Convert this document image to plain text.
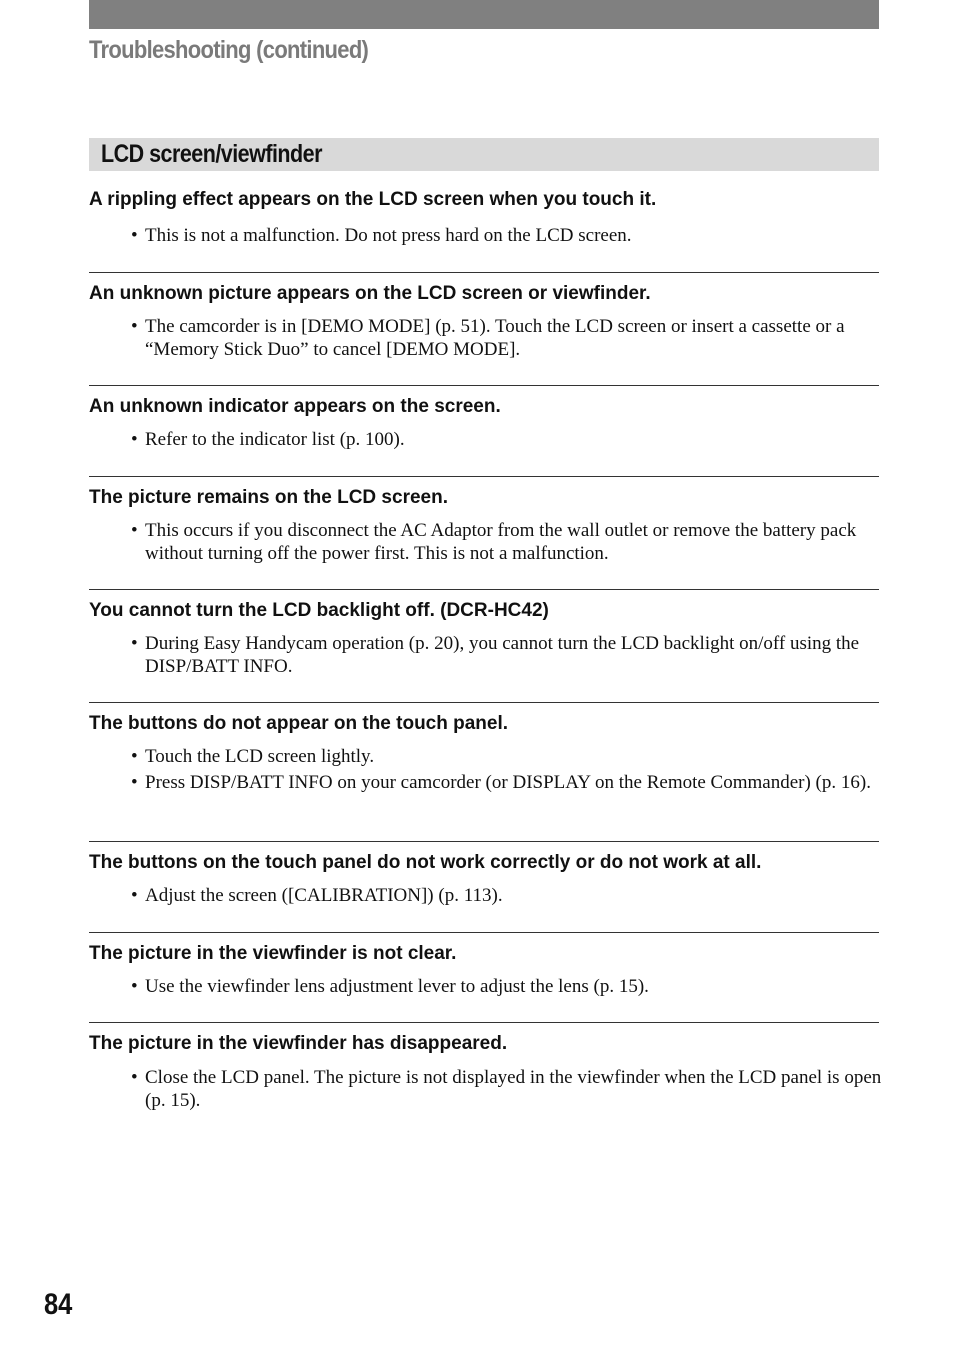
Troubleshooting (continued)
LCD screen/viewfinder
A rippling effect appears on the LCD screen when you touch it.
• This is not a malfunction. Do not press hard on the LCD screen.
An unknown picture appears on the LCD screen or viewfinder.
• The camcorder is in [DEMO MODE] (p. 51). Touch the LCD screen or insert a cassette or a “Memory Stick Duo” to cancel [DEMO MODE].
An unknown indicator appears on the screen.
• Refer to the indicator list (p. 100).
The picture remains on the LCD screen.
• This occurs if you disconnect the AC Adaptor from the wall outlet or remove the battery pack without turning off the power first. This is not a malfunction.
You cannot turn the LCD backlight off. (DCR-HC42)
• During Easy Handycam operation (p. 20), you cannot turn the LCD backlight on/off using the DISP/BATT INFO.
The buttons do not appear on the touch panel.
• Touch the LCD screen lightly.
• Press DISP/BATT INFO on your camcorder (or DISPLAY on the Remote Commander) (p. 16).
The buttons on the touch panel do not work correctly or do not work at all.
• Adjust the screen ([CALIBRATION]) (p. 113).
The picture in the viewfinder is not clear.
• Use the viewfinder lens adjustment lever to adjust the lens (p. 15).
The picture in the viewfinder has disappeared.
• Close the LCD panel. The picture is not displayed in the viewfinder when the LCD panel is open (p. 15).
84
